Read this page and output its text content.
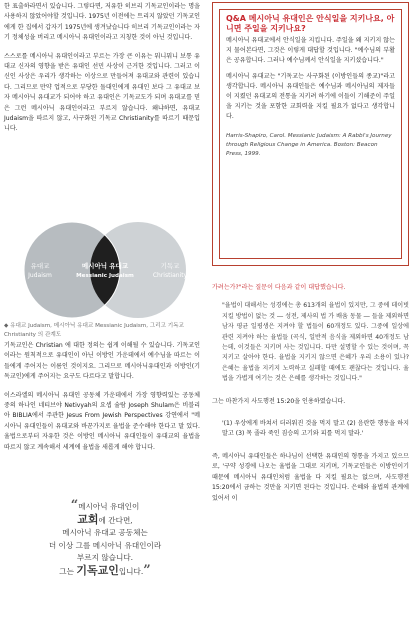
한 표출하라면서 있습니다. 그렇다면, 저유한 히브리 기독교인이라는 명을 사용하지 않았어야할 것입니다. 1975년 이전에는 트리지 않았던 기독교인에게 한 집에서 갑자기 1975년에 생겨났습니다 히브리 기독교인이라는 자기 정체성을 버리고 메시아닉 유대인이라고 지칭한 것이 아닌 것입니다.

스스로를 메시아닉 유대인이라고 부르는 가장 큰 이유는 뭐니뭐니 보통 유대교 신자의 영향을 받은 유대인 선민 사상이 근거한 것입니다. 그러고 이 신인 사상은 우리가 생각하는 이상으로 만들어져 유대교와 관련이 있습니다. 그리므로 만약 업적으로 부당한 돌대인에게 유대인 보다 그 유대교 보자 메시아닉 유대교가 되어야 하고 유대인은 기독교도가 되며 유대교를 믿은 그런 메시아닉 유대인이라고 부르지 않습니다. 왜냐하면, 유대교 Judaism을 따르지 않고, 사구화된 기독교 Christianity를 따르기 때문입니다.

유대교
Judaism
메시아닉 유대교
Messianic Judaism
기독교
Christianity
◆ 유대교 Judaism, 메시아닉 유대교 Messianic Judaism, 그리고 기독교 Christianity 의 관계도

기독교인은 Christian 에 대한 정의는 쉽게 이해될 수 있습니다. 기독교인이라는 원칙적으로 유대인이 아닌 이방인 가운데에서 예수님을 따르는 이들에게 주어지는 이름인 것이지요. 그리므로 메시아닉유대인과 이방인(기독교인)에게 주어지는 요구도 다르다고 말합니다.

이스라엘의 메시아닉 유대인 공동체 가운데에서 가장 영향력있는 공동체 중의 하나인 네티브야 Netivyah의 요셉 슐람 Joseph Shulam은 비블리아 BIBLIA에서 주관한 Jesus From Jewish Perspectives 강연에서 "메시아닉 유대인들이 유대교와 바꾼가지로 율법을 준수해야 한다고 말 있다. 율법으로부터 자유한 것은 이방인 메시아닉 유대인들이 유대교의 율법을 따르지 않고 계속해서 세계에 율법을 새롭게 해야 합니다.

“메시아닉 유대인이
교회에 간다면,
메시아닉 유대교 공동체는
더 이상 그를 메시아닉 유대인이라
부르지 않습니다.
그는 기독교인입니다.”
Q&A 메시아닉 유대인은 안식일을 지키나요, 아니면 주일을 지키나요?

메시아닉 유대교에서 안식일을 지킵니다. 주일을 왜 지키지 않는지 물어본다면, 그것은 이렇게 대답할 것입니다. "예수님의 부활은 공유합니다. 그러나 예수님께서 안식일을 지키셨습니다."

메시아닉 유대교는 "기독교는 사구화된 (이방인들의 종교)"라고 생각합니다. 메시아닉 유대인들은 예수님과 메시아님의 제자들이 지켰던 유대교의 전통을 지키려 하기에 이들이 기해준이 주일을 지키는 것을 포함한 교회력을 지킬 필요가 없다고 생각합니다.

Harris-Shapiro, Carol. Messianic Judaism: A Rabbi's Journey through Religious Change in America. Boston: Beacon Press, 1999.

가려는가?"라는 질문이 다음과 같이 대답했습니다.

"율법이 대해서는 성경에는 총 613개의 율법이 있지만, 그 중에 데이빗 지킬 방법이 없는 것 ― 성전, 제사의 법 가 배움 동물 ― 들을 제외하면 남자 평균 일평생은 지켜야 할 법들이 60개정도 있다. 그중에 일상에 관련 지켜야 하는 율법들 (곡식, 일반적 음식을 제외하면 40개정도 남는데, 이것들은 지키며 사는 것입니다. 다만 설명할 수 있는 것이며, 꼭 지키고 살아야 한다. 율법을 지키지 않으면 은혜가 우리 소용이 있나? 은혜는 율법을 지키지 노력하고 실패할 때에도 괜찮다는 것입니다. 율법을 가볍게 여기는 것은 은혜를 생각하는 것입니다."

그는 마찬가지 사도행전 15:20을 인용하였습니다.

'(1) 우상에게 바쳐서 더러워진 것을 먹지 말고 (2) 음란한 행동을 하지 말고 (3) 목 졸라 죽인 짐승의 고기와 피를 먹지 말라.'

즉, 메시아닉 유대인들은 하나님이 선택한 유대인의 형통을 가지고 있으므로, '구약 성경에 나오는 율법을 그대로 지키며, 기독교인들은 이방인이기 때문에 메시아닉 유대인처럼 율법을 다 지킬 필요는 없으며, 사도행전 15:20에서 금하는 것만을 지키면 된다는 것입니다. 은혜와 율법의 관계에 있어서 이
